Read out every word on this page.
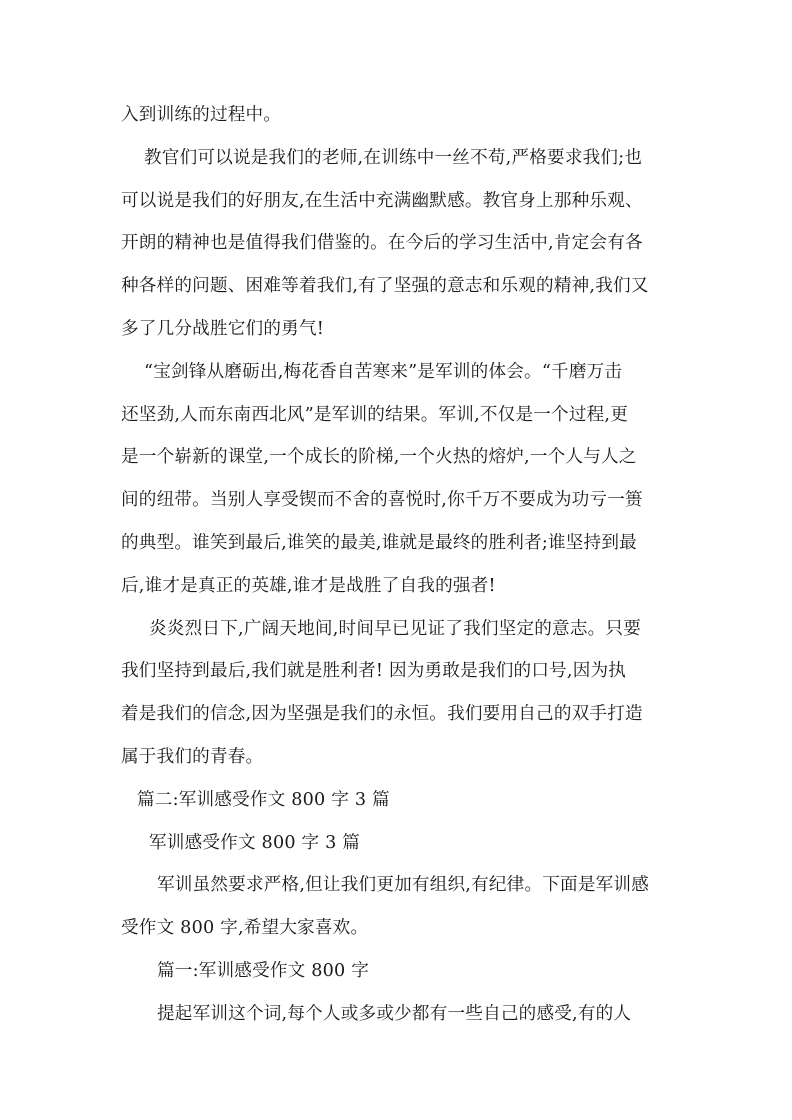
入到训练的过程中。
教官们可以说是我们的老师,在训练中一丝不苟,严格要求我们;也
可以说是我们的好朋友,在生活中充满幽默感。教官身上那种乐观、
开朗的精神也是值得我们借鉴的。在今后的学习生活中,肯定会有各
种各样的问题、困难等着我们,有了坚强的意志和乐观的精神,我们又
多了几分战胜它们的勇气!
“宝剑锋从磨砺出,梅花香自苦寒来”是军训的体会。“千磨万击
还坚劲,人而东南西北风”是军训的结果。军训,不仅是一个过程,更
是一个崭新的课堂,一个成长的阶梯,一个火热的熔炉,一个人与人之
间的纽带。当别人享受锲而不舍的喜悦时,你千万不要成为功亏一篑
的典型。谁笑到最后,谁笑的最美,谁就是最终的胜利者;谁坚持到最
后,谁才是真正的英雄,谁才是战胜了自我的强者!
炎炎烈日下,广阔天地间,时间早已见证了我们坚定的意志。只要
我们坚持到最后,我们就是胜利者! 因为勇敢是我们的口号,因为执
着是我们的信念,因为坚强是我们的永恒。我们要用自己的双手打造
属于我们的青春。
篇二:军训感受作文 800 字 3 篇
军训感受作文 800 字 3 篇
军训虽然要求严格,但让我们更加有组织,有纪律。下面是军训感
受作文 800 字,希望大家喜欢。
篇一:军训感受作文 800 字
提起军训这个词,每个人或多或少都有一些自己的感受,有的人
